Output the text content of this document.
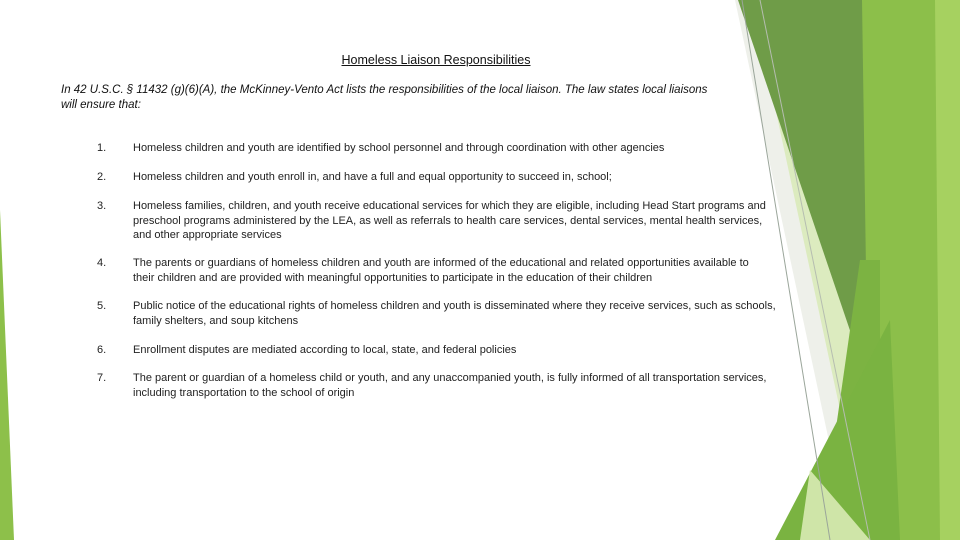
Homeless Liaison Responsibilities
In 42 U.S.C. § 11432 (g)(6)(A), the McKinney-Vento Act lists the responsibilities of the local liaison. The law states local liaisons will ensure that:
1.	Homeless children and youth are identified by school personnel and through coordination with other agencies
2.	Homeless children and youth enroll in, and have a full and equal opportunity to succeed in, school;
3.	Homeless families, children, and youth receive educational services for which they are eligible, including Head Start programs and preschool programs administered by the LEA, as well as referrals to health care services, dental services, mental health services, and other appropriate services
4.	The parents or guardians of homeless children and youth are informed of the educational and related opportunities available to their children and are provided with meaningful opportunities to participate in the education of their children
5.	Public notice of the educational rights of homeless children and youth is disseminated where they receive services, such as schools, family shelters, and soup kitchens
6.	Enrollment disputes are mediated according to local, state, and federal policies
7.	The parent or guardian of a homeless child or youth, and any unaccompanied youth, is fully informed of all transportation services, including transportation to the school of origin
